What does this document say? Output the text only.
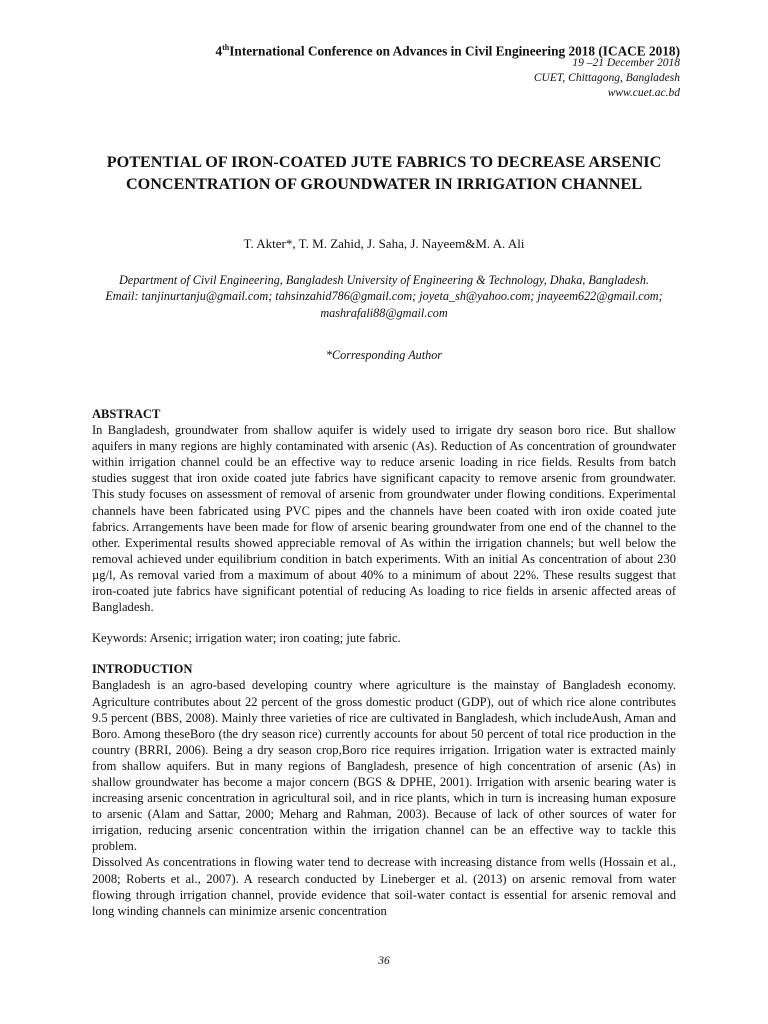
4thInternational Conference on Advances in Civil Engineering 2018 (ICACE 2018)
19 –21 December 2018
CUET, Chittagong, Bangladesh
www.cuet.ac.bd
POTENTIAL OF IRON-COATED JUTE FABRICS TO DECREASE ARSENIC CONCENTRATION OF GROUNDWATER IN IRRIGATION CHANNEL
T. Akter*, T. M. Zahid, J. Saha, J. Nayeem&M. A. Ali
Department of Civil Engineering, Bangladesh University of Engineering & Technology, Dhaka, Bangladesh.
Email: tanjinurtanju@gmail.com; tahsinzahid786@gmail.com; joyeta_sh@yahoo.com; jnayeem622@gmail.com; mashrafali88@gmail.com
*Corresponding Author

ABSTRACT

In Bangladesh, groundwater from shallow aquifer is widely used to irrigate dry season boro rice. But shallow aquifers in many regions are highly contaminated with arsenic (As). Reduction of As concentration of groundwater within irrigation channel could be an effective way to reduce arsenic loading in rice fields. Results from batch studies suggest that iron oxide coated jute fabrics have significant capacity to remove arsenic from groundwater. This study focuses on assessment of removal of arsenic from groundwater under flowing conditions. Experimental channels have been fabricated using PVC pipes and the channels have been coated with iron oxide coated jute fabrics. Arrangements have been made for flow of arsenic bearing groundwater from one end of the channel to the other. Experimental results showed appreciable removal of As within the irrigation channels; but well below the removal achieved under equilibrium condition in batch experiments. With an initial As concentration of about 230 µg/l, As removal varied from a maximum of about 40% to a minimum of about 22%. These results suggest that iron-coated jute fabrics have significant potential of reducing As loading to rice fields in arsenic affected areas of Bangladesh.

Keywords: Arsenic; irrigation water; iron coating; jute fabric.

INTRODUCTION

Bangladesh is an agro-based developing country where agriculture is the mainstay of Bangladesh economy. Agriculture contributes about 22 percent of the gross domestic product (GDP), out of which rice alone contributes 9.5 percent (BBS, 2008). Mainly three varieties of rice are cultivated in Bangladesh, which includeAush, Aman and Boro. Among theseBoro (the dry season rice) currently accounts for about 50 percent of total rice production in the country (BRRI, 2006). Being a dry season crop,Boro rice requires irrigation. Irrigation water is extracted mainly from shallow aquifers. But in many regions of Bangladesh, presence of high concentration of arsenic (As) in shallow groundwater has become a major concern (BGS & DPHE, 2001). Irrigation with arsenic bearing water is increasing arsenic concentration in agricultural soil, and in rice plants, which in turn is increasing human exposure to arsenic (Alam and Sattar, 2000; Meharg and Rahman, 2003). Because of lack of other sources of water for irrigation, reducing arsenic concentration within the irrigation channel can be an effective way to tackle this problem.

Dissolved As concentrations in flowing water tend to decrease with increasing distance from wells (Hossain et al., 2008; Roberts et al., 2007). A research conducted by Lineberger et al. (2013) on arsenic removal from water flowing through irrigation channel, provide evidence that soil-water contact is essential for arsenic removal and long winding channels can minimize arsenic concentration

36
